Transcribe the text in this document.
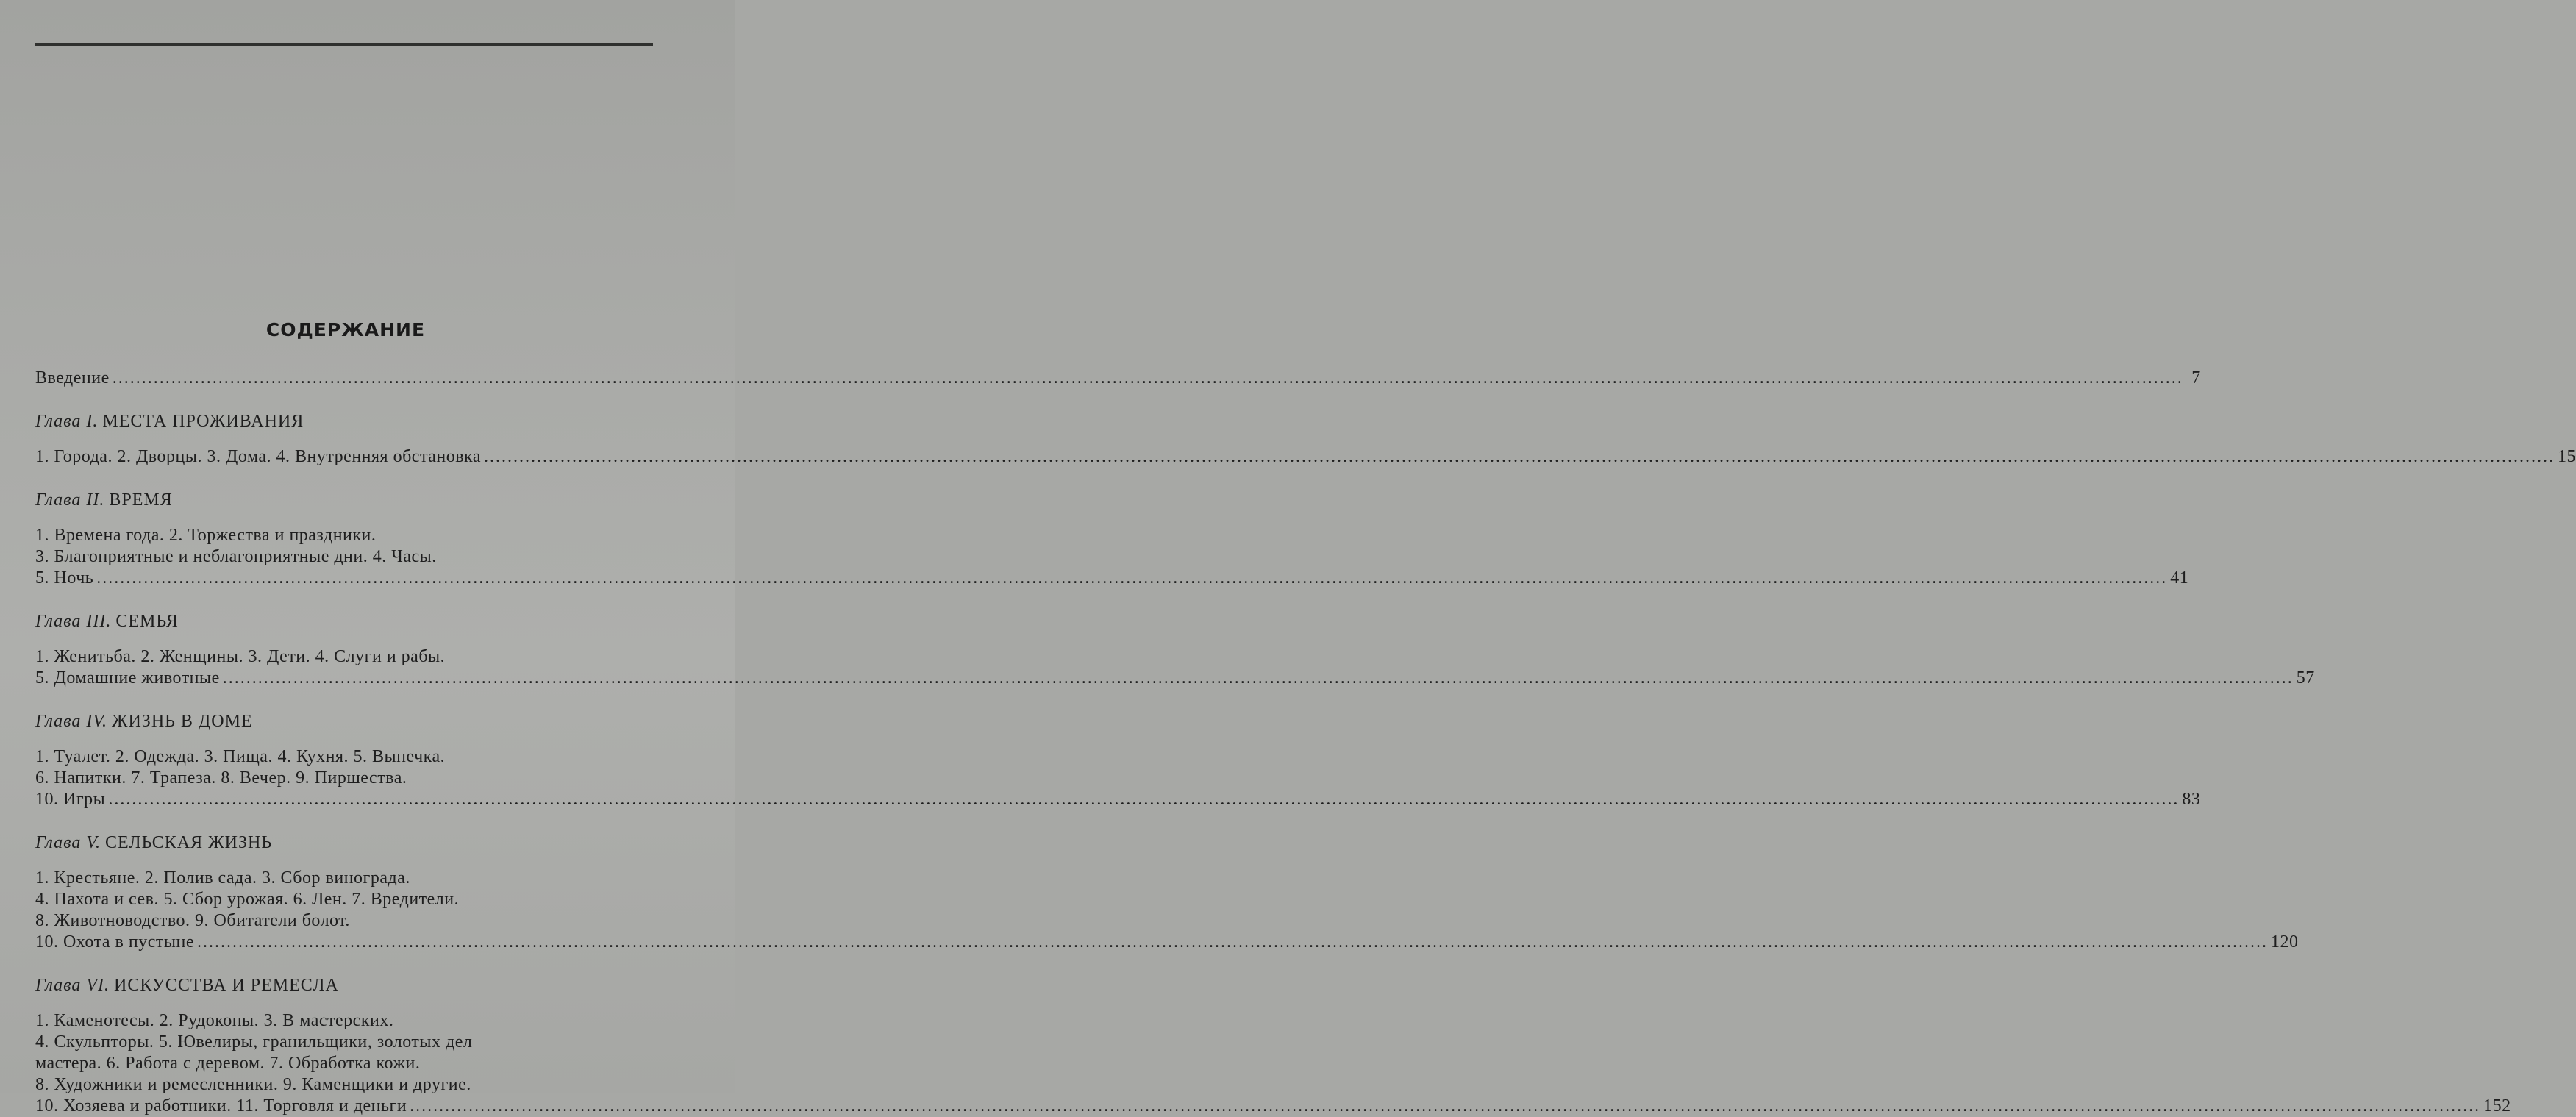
СОДЕРЖАНИЕ
Введение .....	7
Глава I. МЕСТА ПРОЖИВАНИЯ
1. Города. 2. Дворцы. 3. Дома. 4. Внутренняя обстановка .....	15
Глава II. ВРЕМЯ
1. Времена года. 2. Торжества и праздники.
3. Благоприятные и неблагоприятные дни. 4. Часы.
5. Ночь .....	41
Глава III. СЕМЬЯ
1. Женитьба. 2. Женщины. 3. Дети. 4. Слуги и рабы.
5. Домашние животные .....	57
Глава IV. ЖИЗНЬ В ДОМЕ
1. Туалет. 2. Одежда. 3. Пища. 4. Кухня. 5. Выпечка.
6. Напитки. 7. Трапеза. 8. Вечер. 9. Пиршества.
10. Игры .....	83
Глава V. СЕЛЬСКАЯ ЖИЗНЬ
1. Крестьяне. 2. Полив сада. 3. Сбор винограда.
4. Пахота и сев. 5. Сбор урожая. 6. Лен. 7. Вредители.
8. Животноводство. 9. Обитатели болот.
10. Охота в пустыне .....	120
Глава VI. ИСКУССТВА И РЕМЕСЛА
1. Каменотесы. 2. Рудокопы. 3. В мастерских.
4. Скульпторы. 5. Ювелиры, гранильщики, золотых дел
мастера. 6. Работа с деревом. 7. Обработка кожи.
8. Художники и ремесленники. 9. Каменщики и другие.
10. Хозяева и работники. 11. Торговля и деньги .....	152
